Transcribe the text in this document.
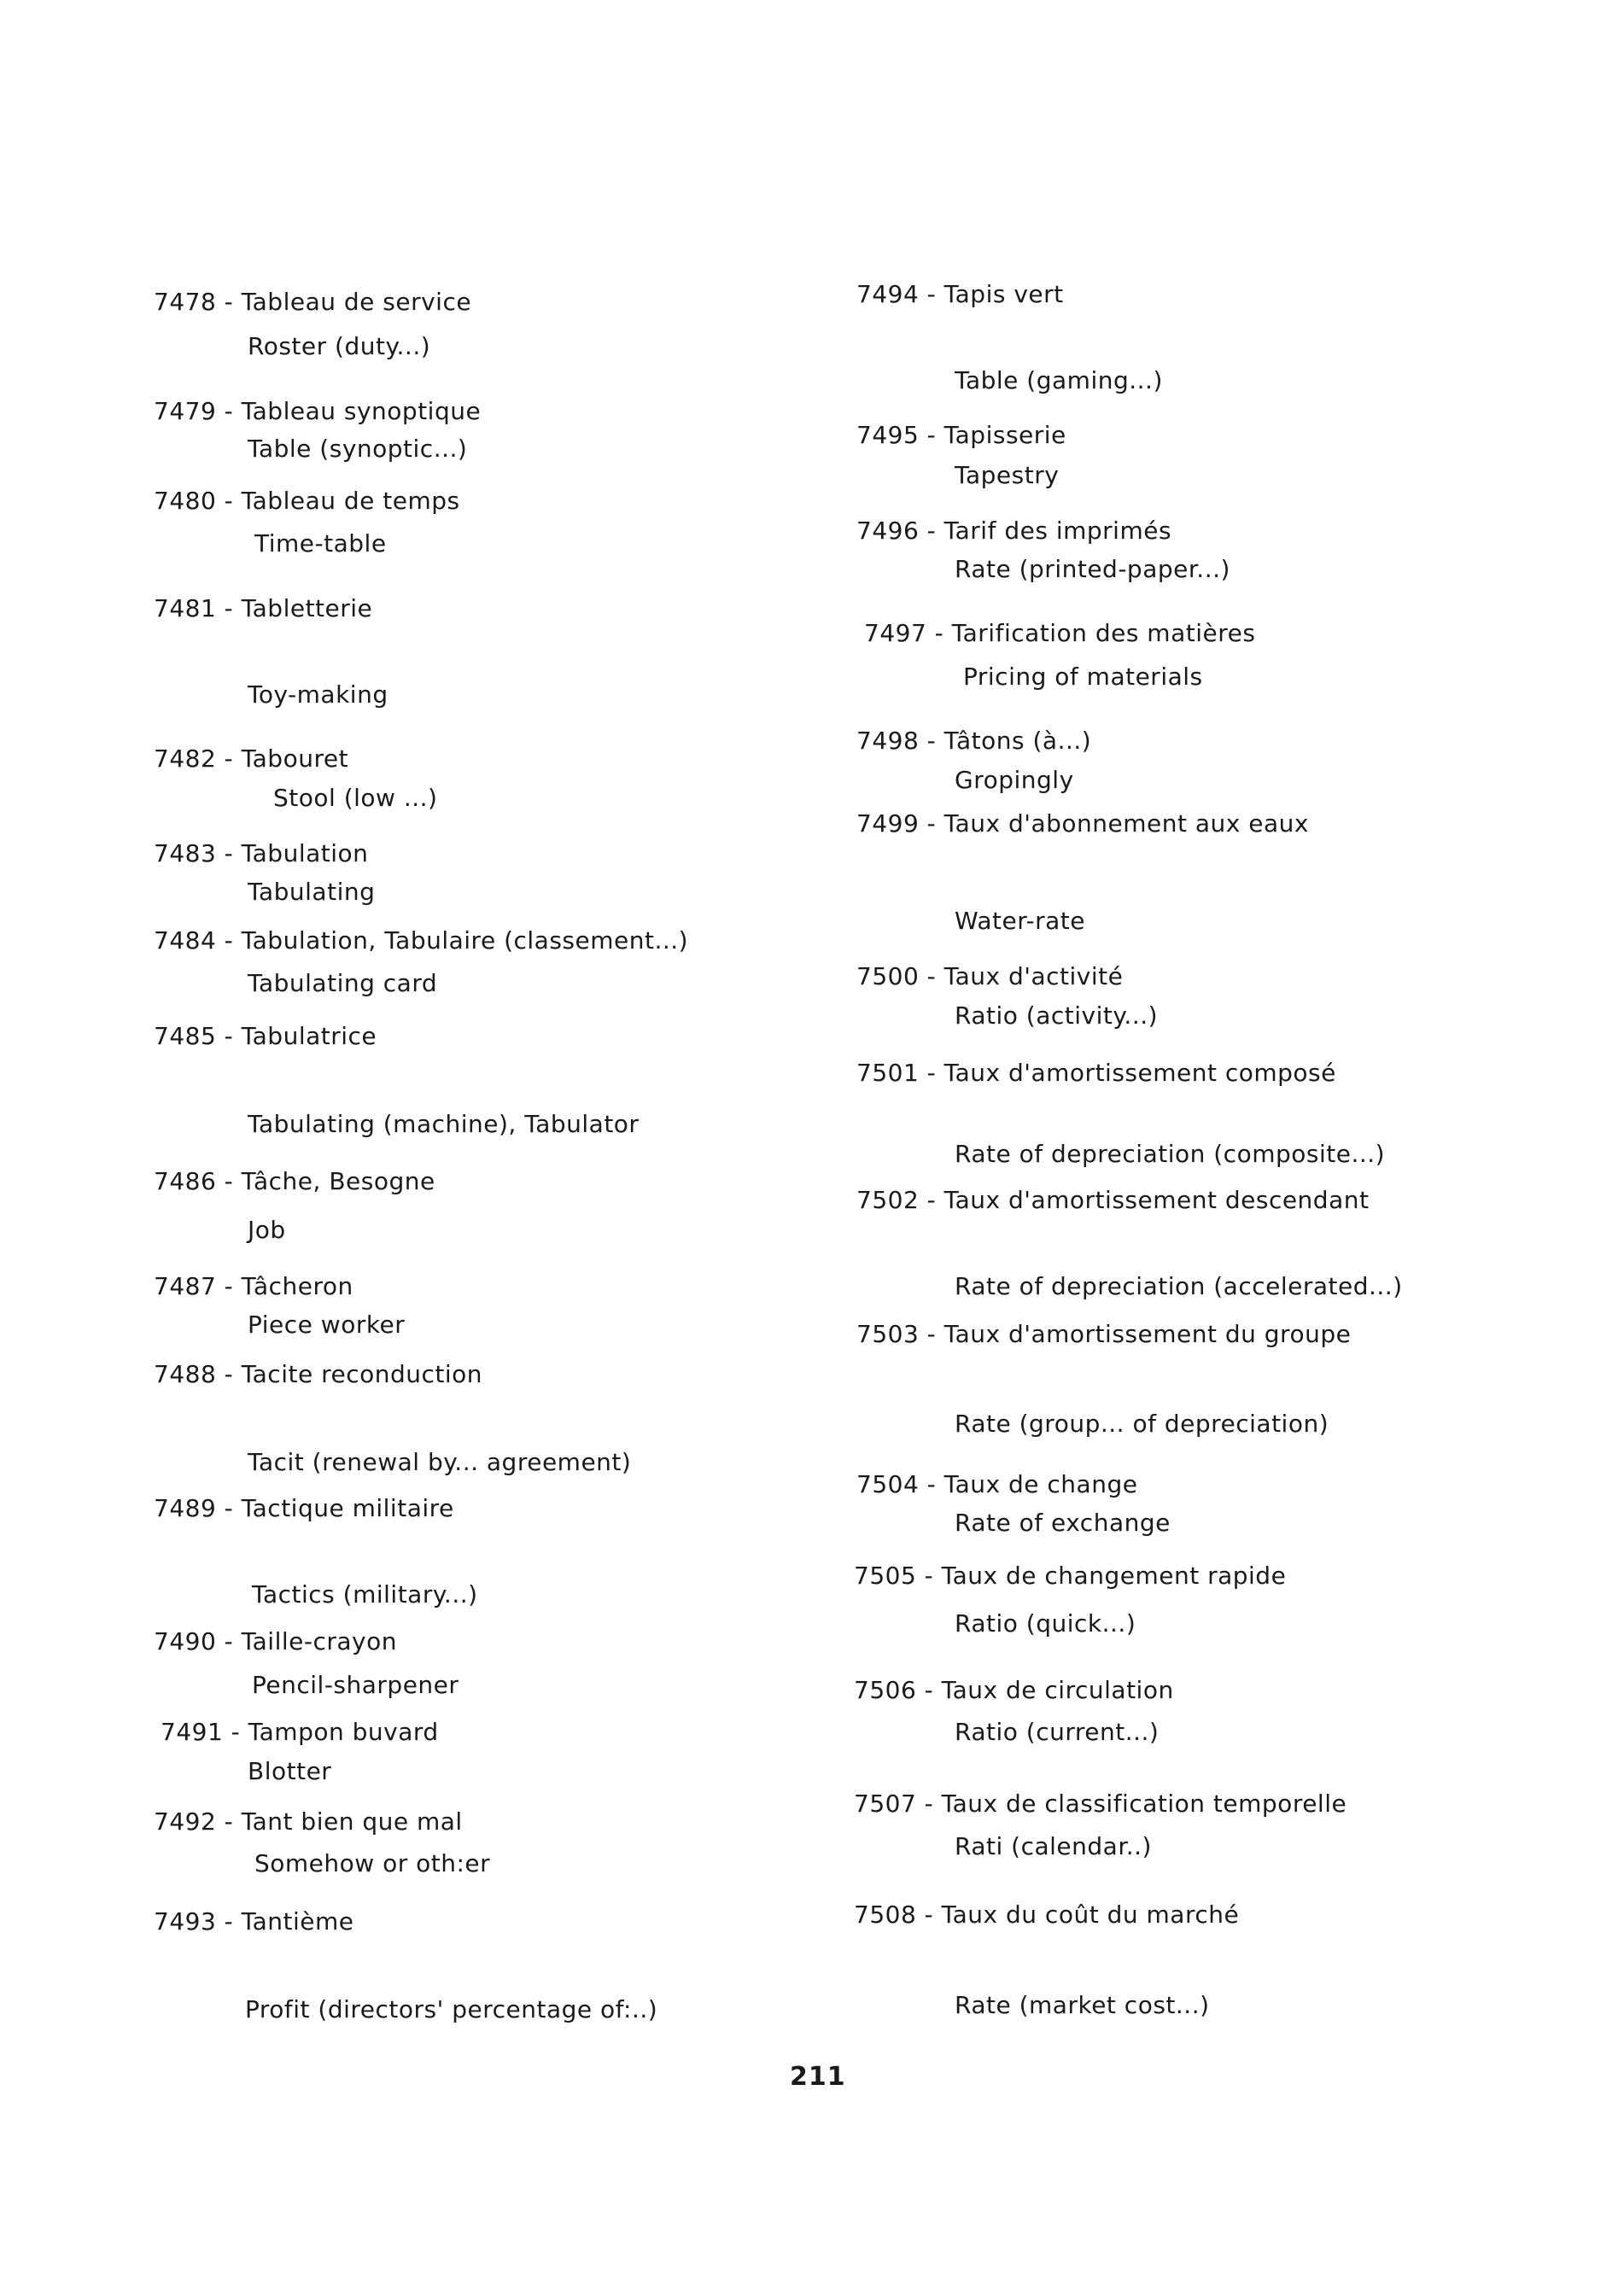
7478 - Tableau de service
Roster (duty...)
7479 - Tableau synoptique
Table (synoptic...)
7480 - Tableau de temps
Time-table
7481 - Tabletterie
Toy-making
7482 - Tabouret
Stool (low ...)
7483 - Tabulation
Tabulating
7484 - Tabulation, Tabulaire (classement...)
Tabulating card
7485 - Tabulatrice
Tabulating (machine), Tabulator
7486 - Tâche, Besogne
Job
7487 - Tâcheron
Piece worker
7488 - Tacite reconduction
Tacit (renewal by... agreement)
7489 - Tactique militaire
Tactics (military...)
7490 - Taille-crayon
Pencil-sharpener
7491 - Tampon buvard
Blotter
7492 - Tant bien que mal
Somehow or oth:er
7493 - Tantième
Profit (directors' percentage of:..)
7494 - Tapis vert
Table (gaming...)
7495 - Tapisserie
Tapestry
7496 - Tarif des imprimés
Rate (printed-paper...)
7497 - Tarification des matières
Pricing of materials
7498 - Tâtons (à...)
Gropingly
7499 - Taux d'abonnement aux eaux
Water-rate
7500 - Taux d'activité
Ratio (activity...)
7501 - Taux d'amortissement composé
Rate of depreciation (composite...)
7502 - Taux d'amortissement descendant
Rate of depreciation (accelerated...)
7503 - Taux d'amortissement du groupe
Rate (group... of depreciation)
7504 - Taux de change
Rate of exchange
7505 - Taux de changement rapide
Ratio (quick...)
7506 - Taux de circulation
Ratio (current...)
7507 - Taux de classification temporelle
Rati (calendar..)
7508 - Taux du coût du marché
Rate (market cost...)
211
